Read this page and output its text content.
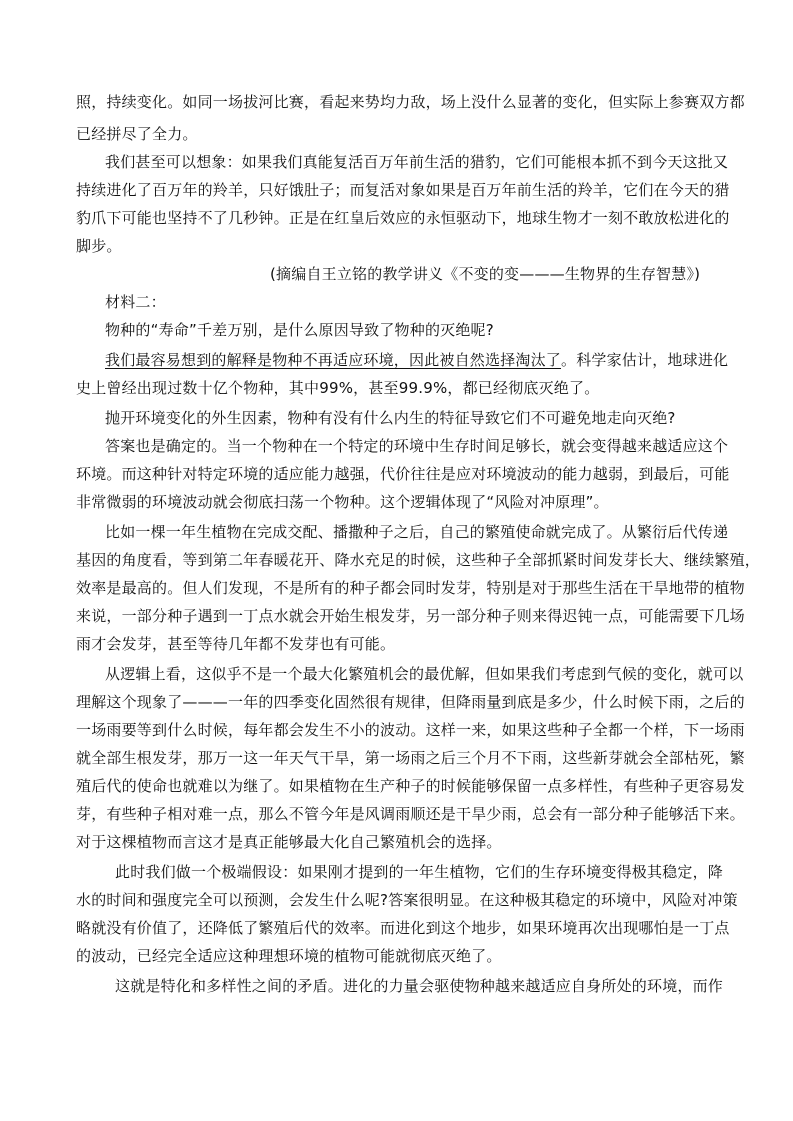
照，持续变化。如同一场拔河比赛，看起来势均力敌，场上没什么显著的变化，但实际上参赛双方都
已经拼尽了全力。
我们甚至可以想象：如果我们真能复活百万年前生活的猎豹，它们可能根本抓不到今天这批又
持续进化了百万年的羚羊，只好饿肚子；而复活对象如果是百万年前生活的羚羊，它们在今天的猎
豹爪下可能也坚持不了几秒钟。正是在红皇后效应的永恒驱动下，地球生物才一刻不敢放松进化的
脚步。
(摘编自王立铭的教学讲义《不变的变———生物界的生存智慧》)
材料二：
物种的“寿命”千差万别，是什么原因导致了物种的灭绝呢?
我们最容易想到的解释是物种不再适应环境，因此被自然选择淘汰了。科学家估计，地球进化
史上曾经出现过数十亿个物种，其中99%，甚至99.9%，都已经彻底灭绝了。
抛开环境变化的外生因素，物种有没有什么内生的特征导致它们不可避免地走向灭绝?
答案也是确定的。当一个物种在一个特定的环境中生存时间足够长，就会变得越来越适应这个
环境。而这种针对特定环境的适应能力越强，代价往往是应对环境波动的能力越弱，到最后，可能
非常微弱的环境波动就会彻底扫荡一个物种。这个逻辑体现了“风险对冲原理”。
比如一棵一年生植物在完成交配、播撒种子之后，自己的繁殖使命就完成了。从繁衍后代传递
基因的角度看，等到第二年春暖花开、降水充足的时候，这些种子全部抓紧时间发芽长大、继续繁殖，
效率是最高的。但人们发现，不是所有的种子都会同时发芽，特别是对于那些生活在干旱地带的植物
来说，一部分种子遇到一丁点水就会开始生根发芽，另一部分种子则来得迟钝一点，可能需要下几场
雨才会发芽，甚至等待几年都不发芽也有可能。
从逻辑上看，这似乎不是一个最大化繁殖机会的最优解，但如果我们考虑到气候的变化，就可以
理解这个现象了———一年的四季变化固然很有规律，但降雨量到底是多少，什么时候下雨，之后的
一场雨要等到什么时候，每年都会发生不小的波动。这样一来，如果这些种子全都一个样，下一场雨
就全部生根发芽，那万一这一年天气干旱，第一场雨之后三个月不下雨，这些新芽就会全部枯死，繁
殖后代的使命也就难以为继了。如果植物在生产种子的时候能够保留一点多样性，有些种子更容易发
芽，有些种子相对难一点，那么不管今年是风调雨顺还是干旱少雨，总会有一部分种子能够活下来。
对于这棵植物而言这才是真正能够最大化自己繁殖机会的选择。
此时我们做一个极端假设：如果刚才提到的一年生植物，它们的生存环境变得极其稳定，降
水的时间和强度完全可以预测，会发生什么呢?答案很明显。在这种极其稳定的环境中，风险对冲策
略就没有价值了，还降低了繁殖后代的效率。而进化到这个地步，如果环境再次出现哪怕是一丁点
的波动，已经完全适应这种理想环境的植物可能就彻底灭绝了。
这就是特化和多样性之间的矛盾。进化的力量会驱使物种越来越适应自身所处的环境，而作
